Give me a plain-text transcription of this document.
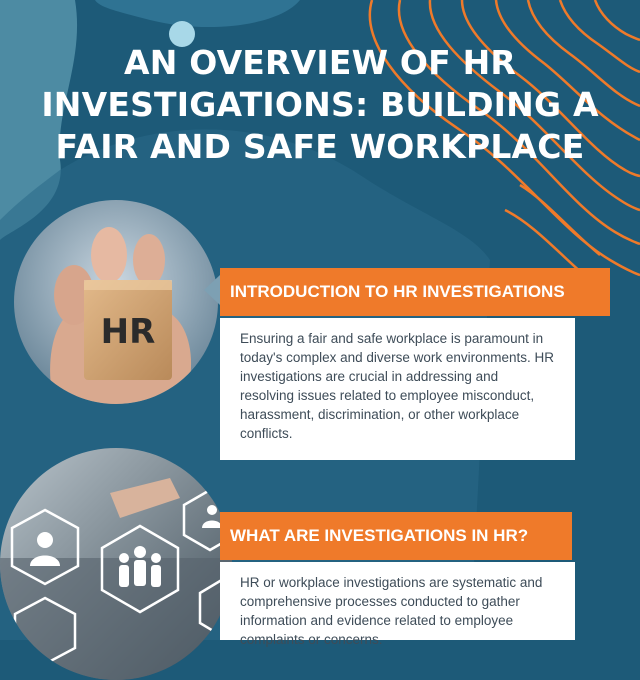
AN OVERVIEW OF HR
INVESTIGATIONS: BUILDING A
FAIR AND SAFE WORKPLACE
HR
INTRODUCTION TO HR INVESTIGATIONS
Ensuring a fair and safe workplace is paramount in today's complex and diverse work environments. HR investigations are crucial in addressing and resolving issues related to employee misconduct, harassment, discrimination, or other workplace conflicts.
WHAT ARE INVESTIGATIONS IN HR?
HR or workplace investigations are systematic and comprehensive processes conducted to gather information and evidence related to employee complaints or concerns.
